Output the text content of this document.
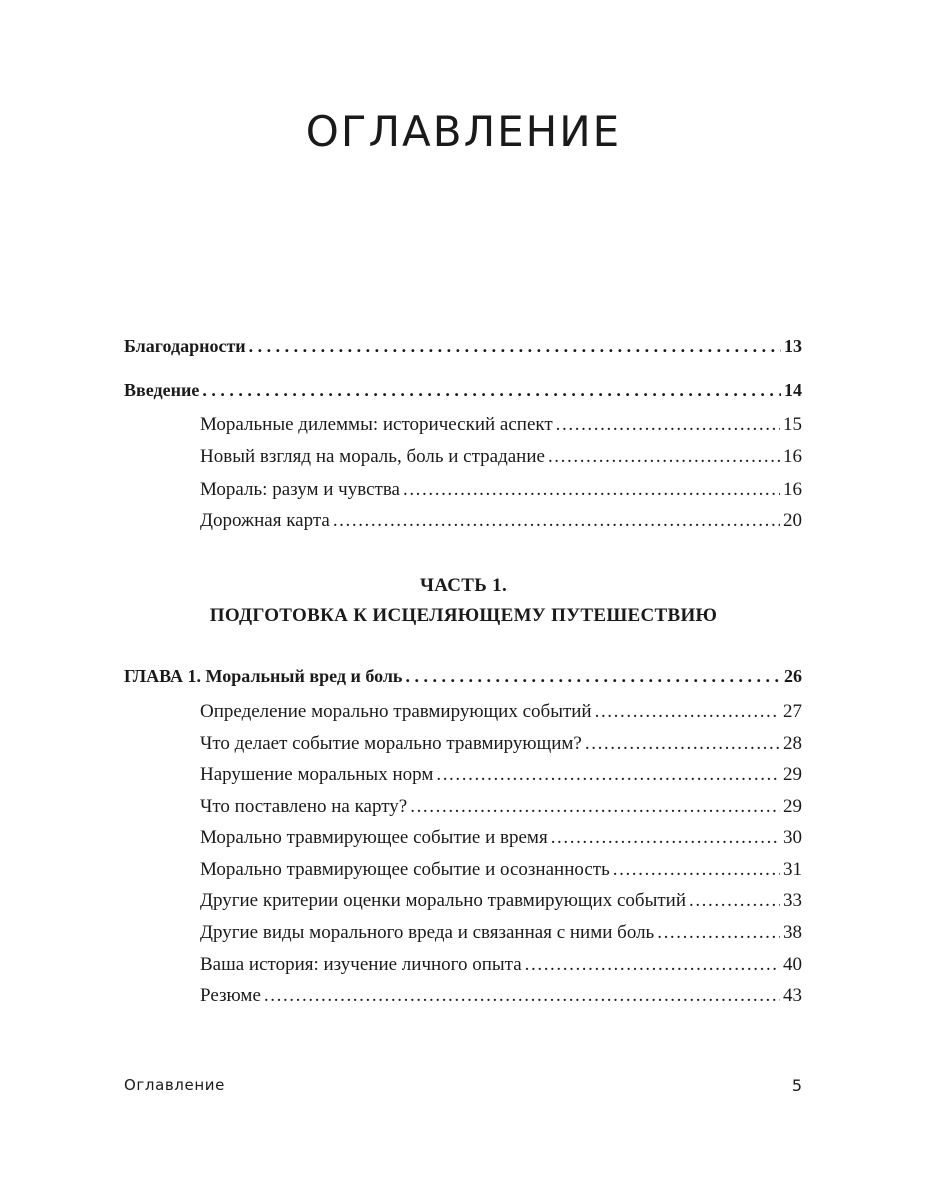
ОГЛАВЛЕНИЕ
Благодарности . . .	13
Введение . . .	14
Моральные дилеммы: исторический аспект .....	15
Новый взгляд на мораль, боль и страдание .....	16
Мораль: разум и чувства .....	16
Дорожная карта .....	20
ЧАСТЬ 1.
ПОДГОТОВКА К ИСЦЕЛЯЮЩЕМУ ПУТЕШЕСТВИЮ
ГЛАВА 1. Моральный вред и боль . . .	26
Определение морально травмирующих событий .....	27
Что делает событие морально травмирующим? .....	28
Нарушение моральных норм .....	29
Что поставлено на карту? .....	29
Морально травмирующее событие и время .....	30
Морально травмирующее событие и осознанность .....	31
Другие критерии оценки морально травмирующих событий .....	33
Другие виды морального вреда и связанная с ними боль .....	38
Ваша история: изучение личного опыта .....	40
Резюме .....	43
Оглавление	5
